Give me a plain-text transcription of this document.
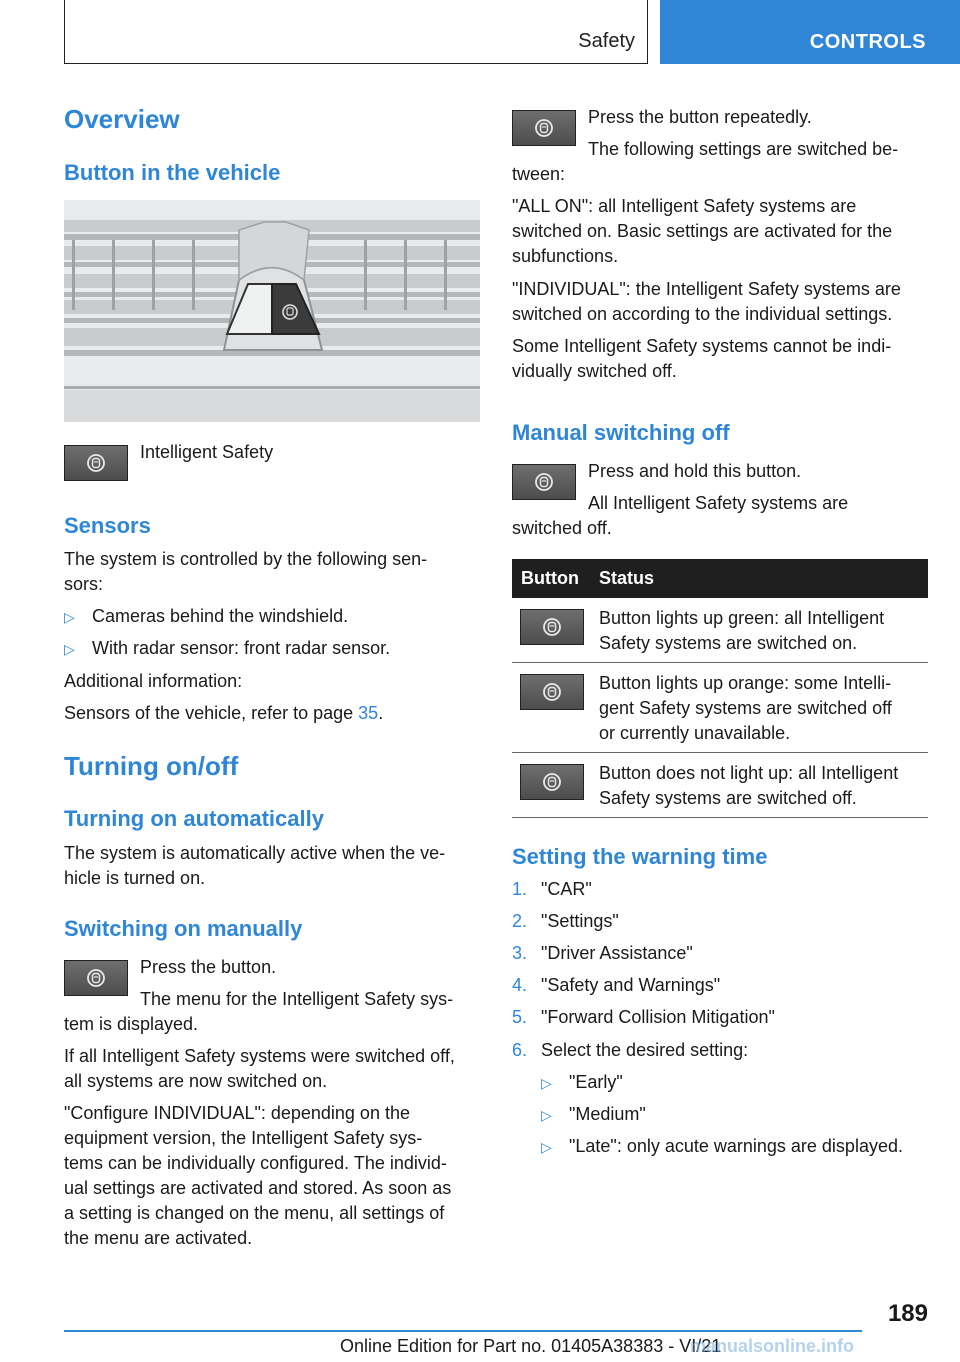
Safety	CONTROLS
Overview
Button in the vehicle

Intelligent Safety

Sensors

The system is controlled by the following sen-
sors:

▷ Cameras behind the windshield.
▷ With radar sensor: front radar sensor.

Additional information:

Sensors of the vehicle, refer to page 35.

Turning on/off
Turning on automatically

The system is automatically active when the ve-
hicle is turned on.

Switching on manually

Press the button.

The menu for the Intelligent Safety sys-

tem is displayed.

If all Intelligent Safety systems were switched off,
all systems are now switched on.

"Configure INDIVIDUAL": depending on the
equipment version, the Intelligent Safety sys-
tems can be individually configured. The individ-
ual settings are activated and stored. As soon as
a setting is changed on the menu, all settings of
the menu are activated.

Press the button repeatedly.

The following settings are switched be-

tween:

"ALL ON": all Intelligent Safety systems are
switched on. Basic settings are activated for the
subfunctions.

"INDIVIDUAL": the Intelligent Safety systems are
switched on according to the individual settings.

Some Intelligent Safety systems cannot be indi-
vidually switched off.

Manual switching off

Press and hold this button.

All Intelligent Safety systems are

switched off.

Button Status
Button lights up green: all Intelligent
Safety systems are switched on.
Button lights up orange: some Intelli-
gent Safety systems are switched off
or currently unavailable.
Button does not light up: all Intelligent
Safety systems are switched off.
Setting the warning time
1. "CAR"
2. "Settings"
3. "Driver Assistance"
4. "Safety and Warnings"
5. "Forward Collision Mitigation"
6. Select the desired setting:
▷ "Early"
▷ "Medium"
▷ "Late": only acute warnings are displayed.
189
Online Edition for Part no. 01405A38383 - VI/21
manualsonline.info
